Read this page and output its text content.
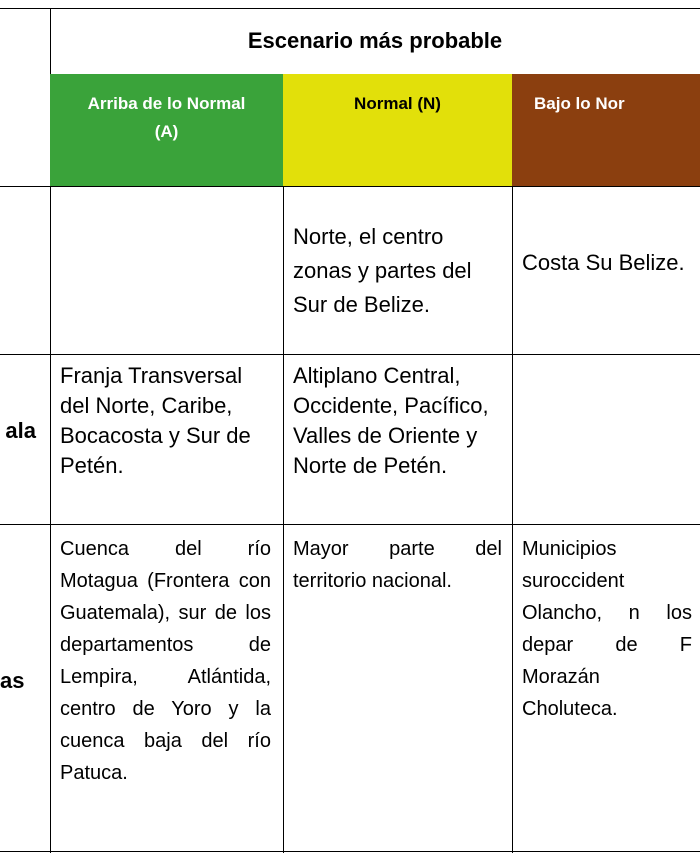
Escenario más probable
Arriba de lo Normal (A)
Normal (N)	Bajo lo Nor
Norte, el centro zonas y partes del Sur de Belize.
Costa Su Belize.
ala
Franja Transversal del Norte, Caribe, Bocacosta y Sur de Petén.
Altiplano Central, Occidente, Pacífico, Valles de Oriente y Norte de Petén.
as
Cuenca del río Motagua (Frontera con Guatemala), sur de los departamentos de Lempira, Atlántida, centro de Yoro y la cuenca baja del río Patuca.
Mayor parte del territorio nacional.
Municipios suroccident Olancho, n los depar de F Morazán Choluteca.
